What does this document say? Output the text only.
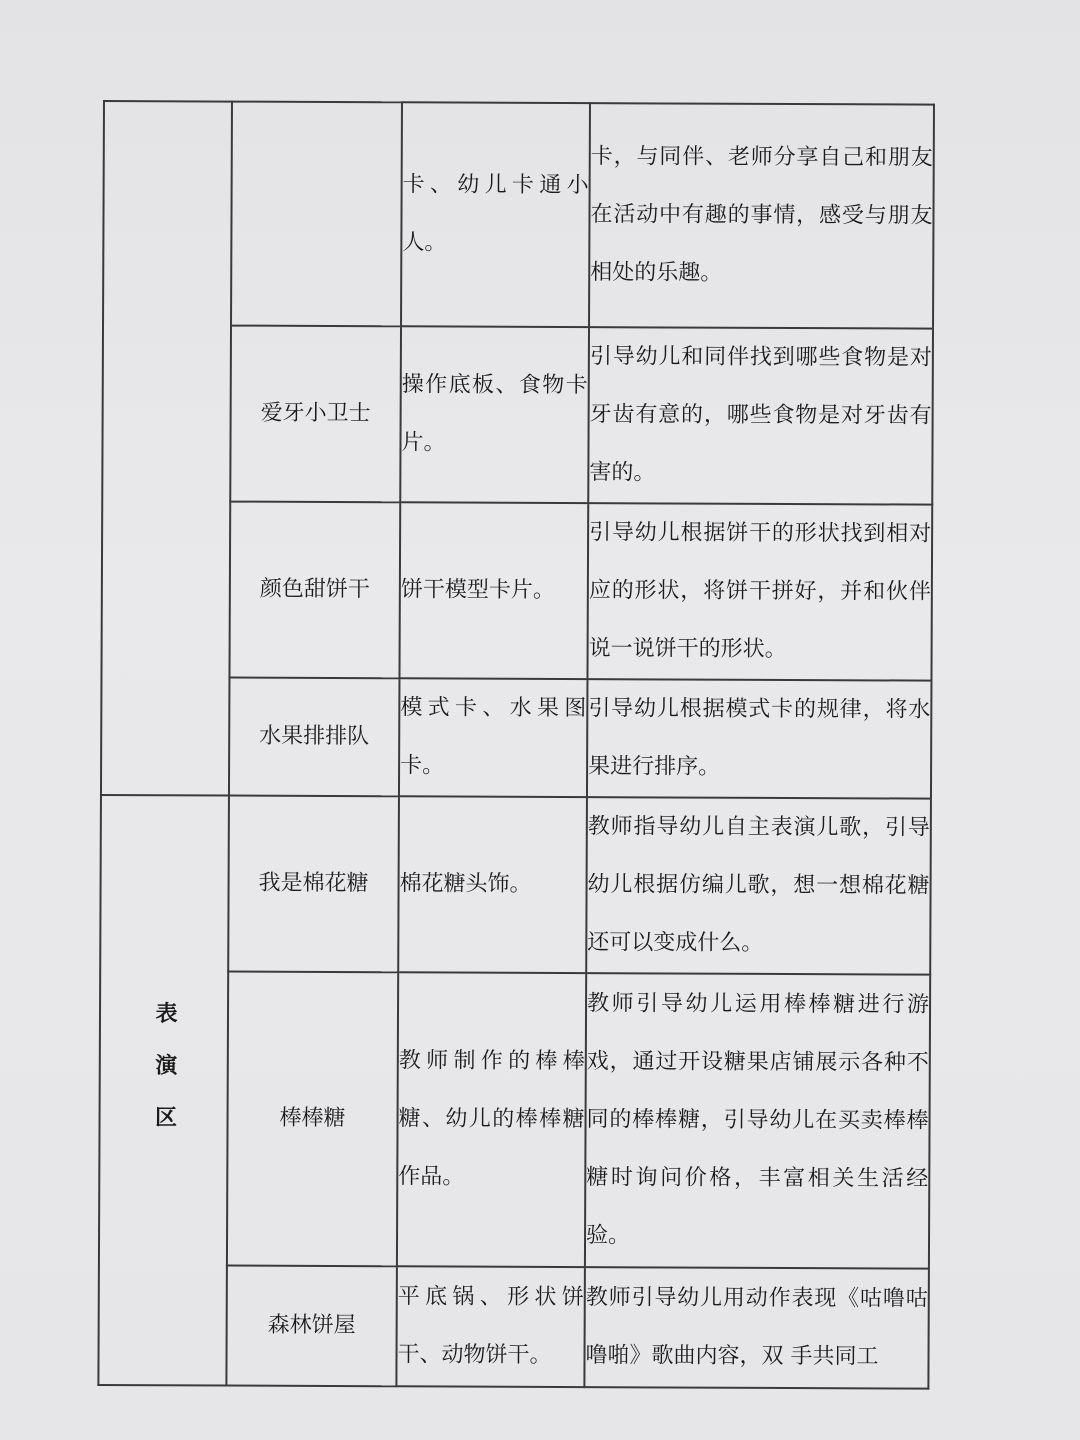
		卡、幼儿卡通小人。	卡，与同伴、老师分享自己和朋友在活动中有趣的事情，感受与朋友相处的乐趣。

	爱牙小卫士	操作底板、食物卡片。	引导幼儿和同伴找到哪些食物是对牙齿有意的，哪些食物是对牙齿有害的。

	颜色甜饼干	饼干模型卡片。	引导幼儿根据饼干的形状找到相对应的形状，将饼干拼好，并和伙伴说一说饼干的形状。

	水果排排队	模式卡、水果图卡。	引导幼儿根据模式卡的规律，将水果进行排序。

表演区	我是棉花糖	棉花糖头饰。	教师指导幼儿自主表演儿歌，引导幼儿根据仿编儿歌，想一想棉花糖还可以变成什么。

	棒棒糖	教师制作的棒棒糖、幼儿的棒棒糖作品。	教师引导幼儿运用棒棒糖进行游戏，通过开设糖果店铺展示各种不同的棒棒糖，引导幼儿在买卖棒棒糖时询问价格，丰富相关生活经验。

	森林饼屋	平底锅、形状饼干、动物饼干。	教师引导幼儿用动作表现《咕噜咕噜啪》歌曲内容，双 手共同工
